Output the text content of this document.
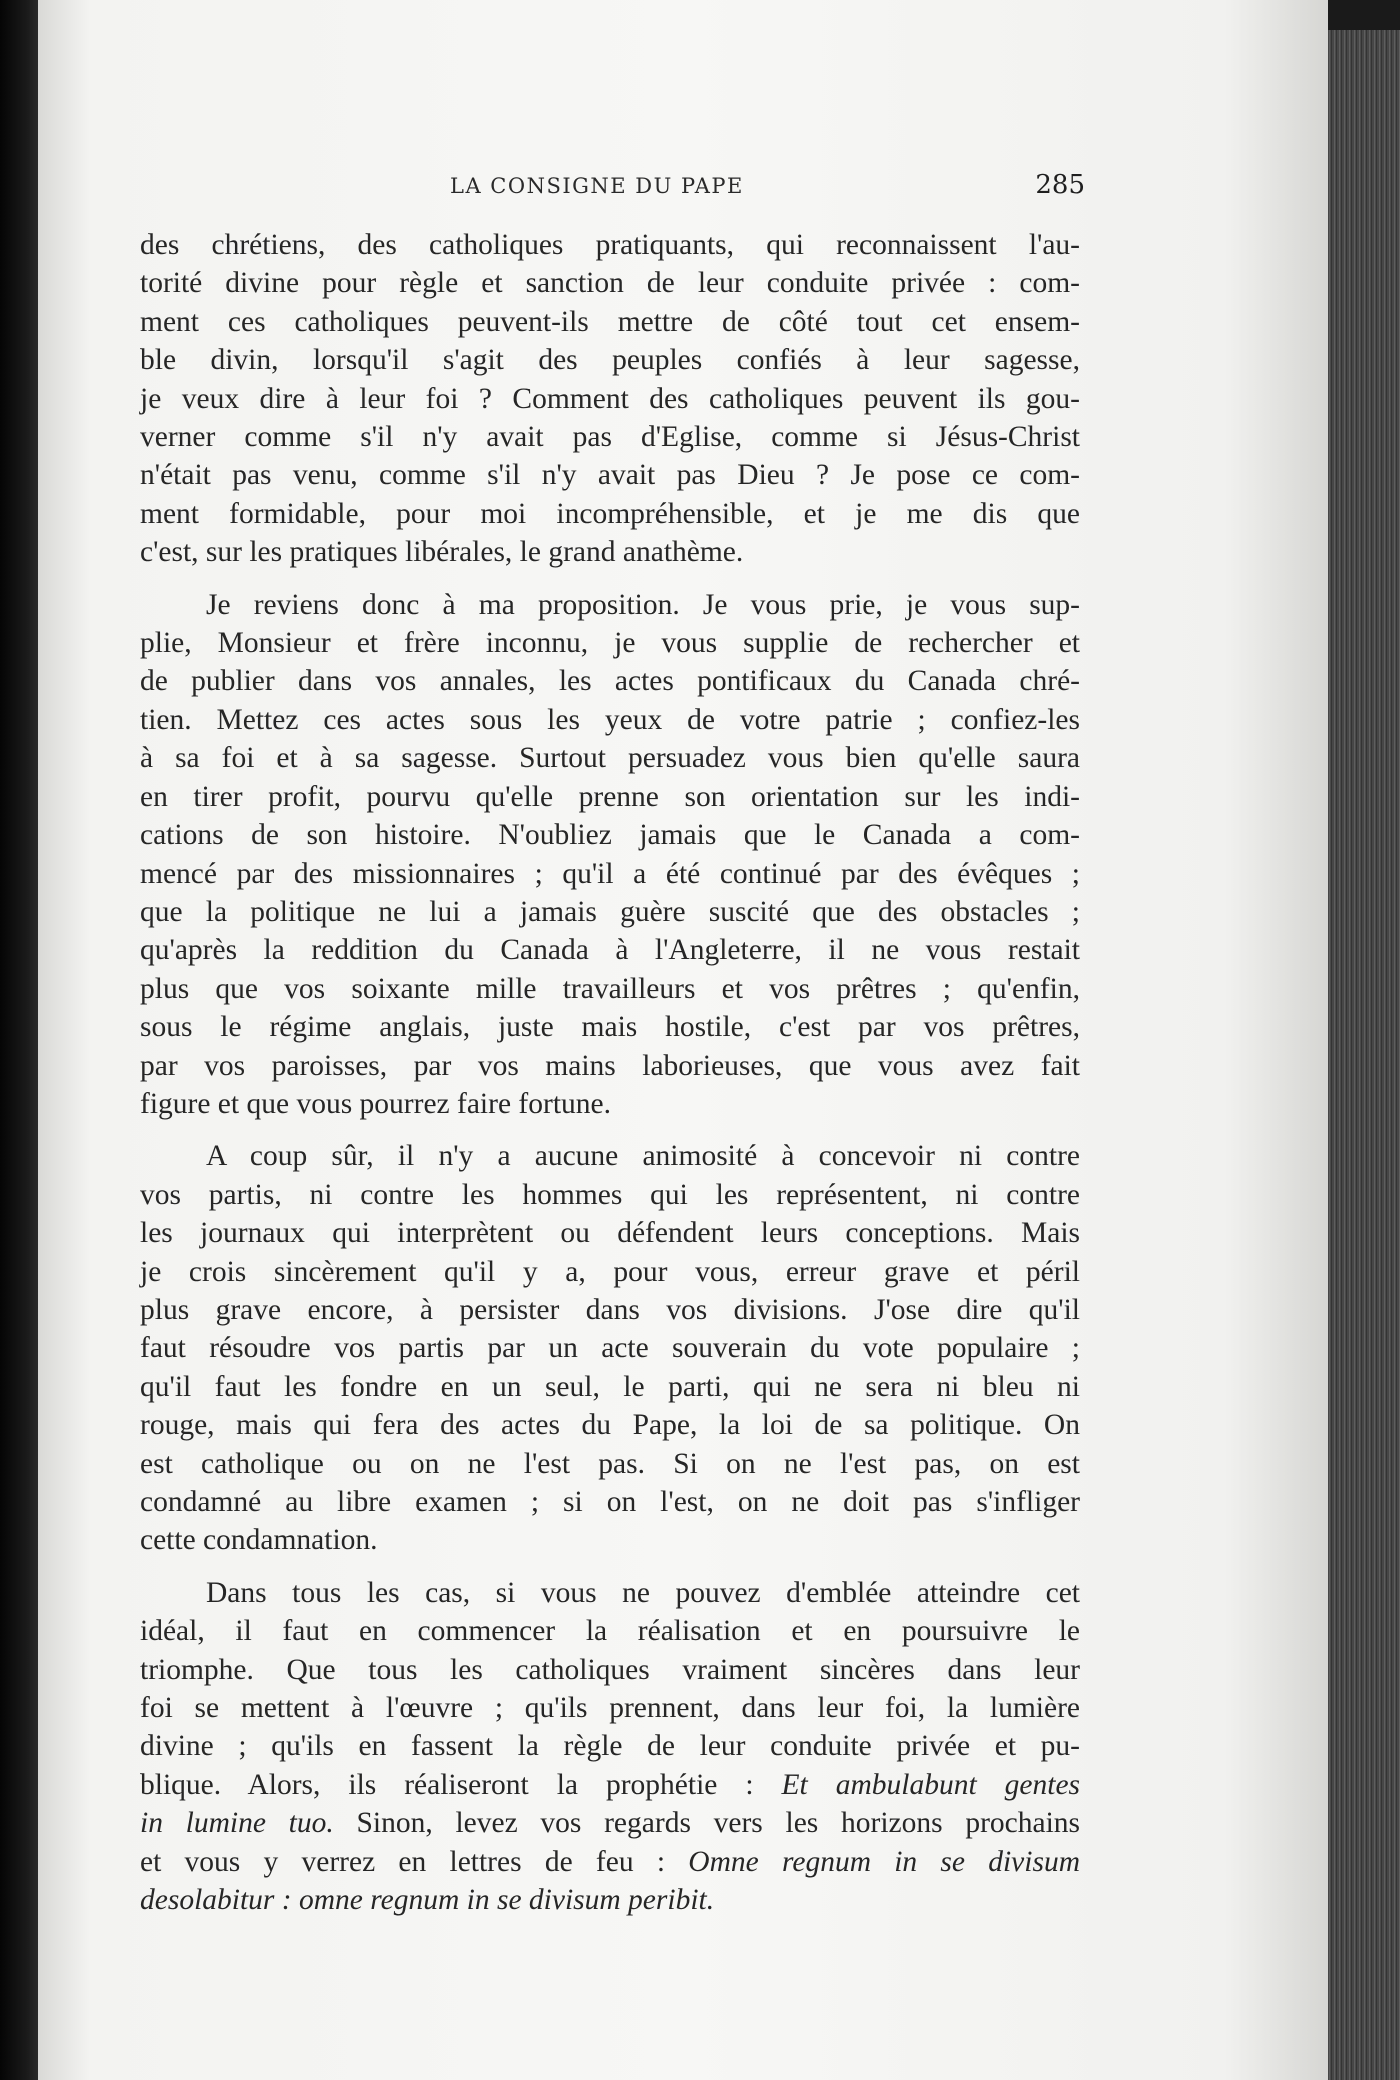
LA CONSIGNE DU PAPE	285

des chrétiens, des catholiques pratiquants, qui reconnaissent l'au-
torité divine pour règle et sanction de leur conduite privée : com-
ment ces catholiques peuvent-ils mettre de côté tout cet ensem-
ble divin, lorsqu'il s'agit des peuples confiés à leur sagesse,
je veux dire à leur foi ? Comment des catholiques peuvent ils gou-
verner comme s'il n'y avait pas d'Eglise, comme si Jésus-Christ
n'était pas venu, comme s'il n'y avait pas Dieu ? Je pose ce com-
ment formidable, pour moi incompréhensible, et je me dis que
c'est, sur les pratiques libérales, le grand anathème.

Je reviens donc à ma proposition. Je vous prie, je vous sup-
plie, Monsieur et frère inconnu, je vous supplie de rechercher et
de publier dans vos annales, les actes pontificaux du Canada chré-
tien. Mettez ces actes sous les yeux de votre patrie ; confiez-les
à sa foi et à sa sagesse. Surtout persuadez vous bien qu'elle saura
en tirer profit, pourvu qu'elle prenne son orientation sur les indi-
cations de son histoire. N'oubliez jamais que le Canada a com-
mencé par des missionnaires ; qu'il a été continué par des évêques ;
que la politique ne lui a jamais guère suscité que des obstacles ;
qu'après la reddition du Canada à l'Angleterre, il ne vous restait
plus que vos soixante mille travailleurs et vos prêtres ; qu'enfin,
sous le régime anglais, juste mais hostile, c'est par vos prêtres,
par vos paroisses, par vos mains laborieuses, que vous avez fait
figure et que vous pourrez faire fortune.

A coup sûr, il n'y a aucune animosité à concevoir ni contre
vos partis, ni contre les hommes qui les représentent, ni contre
les journaux qui interprètent ou défendent leurs conceptions. Mais
je crois sincèrement qu'il y a, pour vous, erreur grave et péril
plus grave encore, à persister dans vos divisions. J'ose dire qu'il
faut résoudre vos partis par un acte souverain du vote populaire ;
qu'il faut les fondre en un seul, le parti, qui ne sera ni bleu ni
rouge, mais qui fera des actes du Pape, la loi de sa politique. On
est catholique ou on ne l'est pas. Si on ne l'est pas, on est
condamné au libre examen ; si on l'est, on ne doit pas s'infliger
cette condamnation.

Dans tous les cas, si vous ne pouvez d'emblée atteindre cet
idéal, il faut en commencer la réalisation et en poursuivre le
triomphe. Que tous les catholiques vraiment sincères dans leur
foi se mettent à l'œuvre ; qu'ils prennent, dans leur foi, la lumière
divine ; qu'ils en fassent la règle de leur conduite privée et pu-
blique. Alors, ils réaliseront la prophétie : Et ambulabunt gentes
in lumine tuo. Sinon, levez vos regards vers les horizons prochains
et vous y verrez en lettres de feu : Omne regnum in se divisum
desolabitur : omne regnum in se divisum peribit.
